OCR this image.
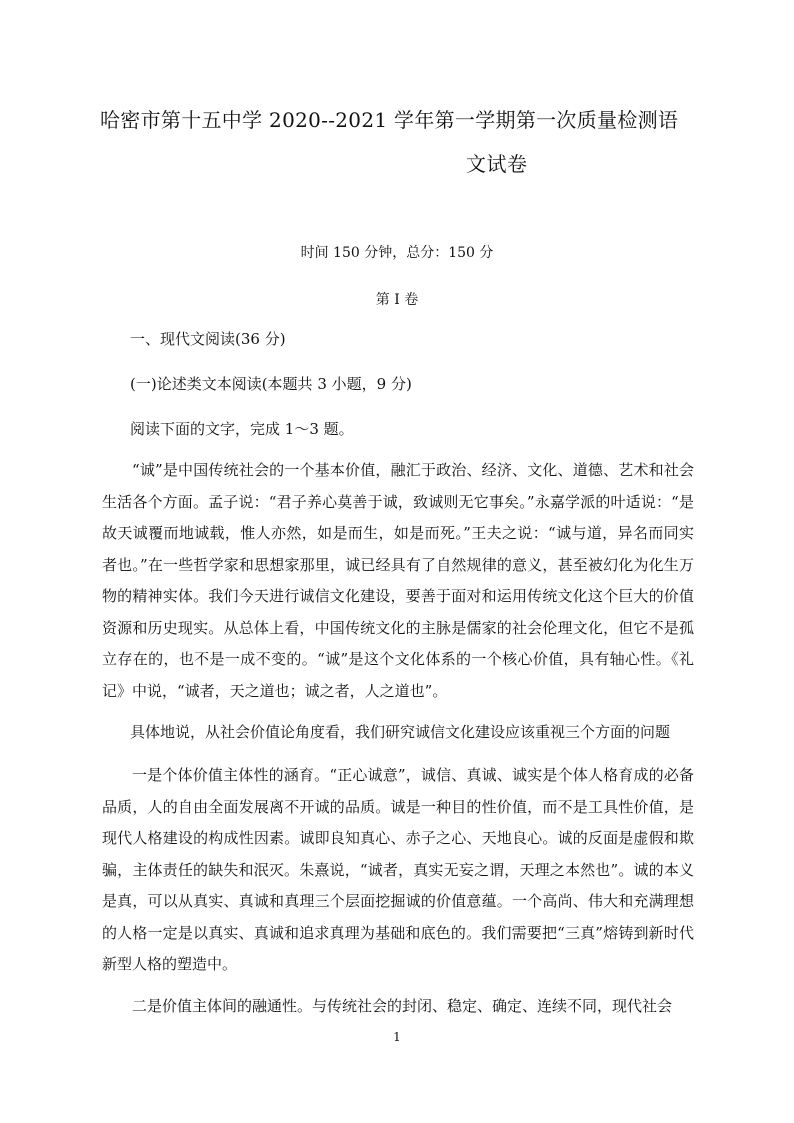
哈密市第十五中学 2020--2021 学年第一学期第一次质量检测语
文试卷
时间 150 分钟，总分：150 分
第 I 卷
一、现代文阅读(36 分)
(一)论述类文本阅读(本题共 3 小题，9 分)
阅读下面的文字，完成 1～3 题。
“诚”是中国传统社会的一个基本价值，融汇于政治、经济、文化、道德、艺术和社会生活各个方面。孟子说：“君子养心莫善于诚，致诚则无它事矣。”永嘉学派的叶适说：“是故天诚覆而地诚载，惟人亦然，如是而生，如是而死。”王夫之说：“诚与道，异名而同实者也。”在一些哲学家和思想家那里，诚已经具有了自然规律的意义，甚至被幻化为化生万物的精神实体。我们今天进行诚信文化建设，要善于面对和运用传统文化这个巨大的价值资源和历史现实。从总体上看，中国传统文化的主脉是儒家的社会伦理文化，但它不是孤立存在的，也不是一成不变的。“诚”是这个文化体系的一个核心价值，具有轴心性。《礼记》中说，“诚者，天之道也；诚之者，人之道也”。
具体地说，从社会价值论角度看，我们研究诚信文化建设应该重视三个方面的问题
一是个体价值主体性的涵育。“正心诚意”，诚信、真诚、诚实是个体人格育成的必备品质，人的自由全面发展离不开诚的品质。诚是一种目的性价值，而不是工具性价值，是现代人格建设的构成性因素。诚即良知真心、赤子之心、天地良心。诚的反面是虚假和欺骗，主体责任的缺失和泯灭。朱熹说，“诚者，真实无妄之谓，天理之本然也”。诚的本义是真，可以从真实、真诚和真理三个层面挖掘诚的价值意蕴。一个高尚、伟大和充满理想的人格一定是以真实、真诚和追求真理为基础和底色的。我们需要把“三真”熔铸到新时代新型人格的塑造中。
二是价值主体间的融通性。与传统社会的封闭、稳定、确定、连续不同，现代社会
1
